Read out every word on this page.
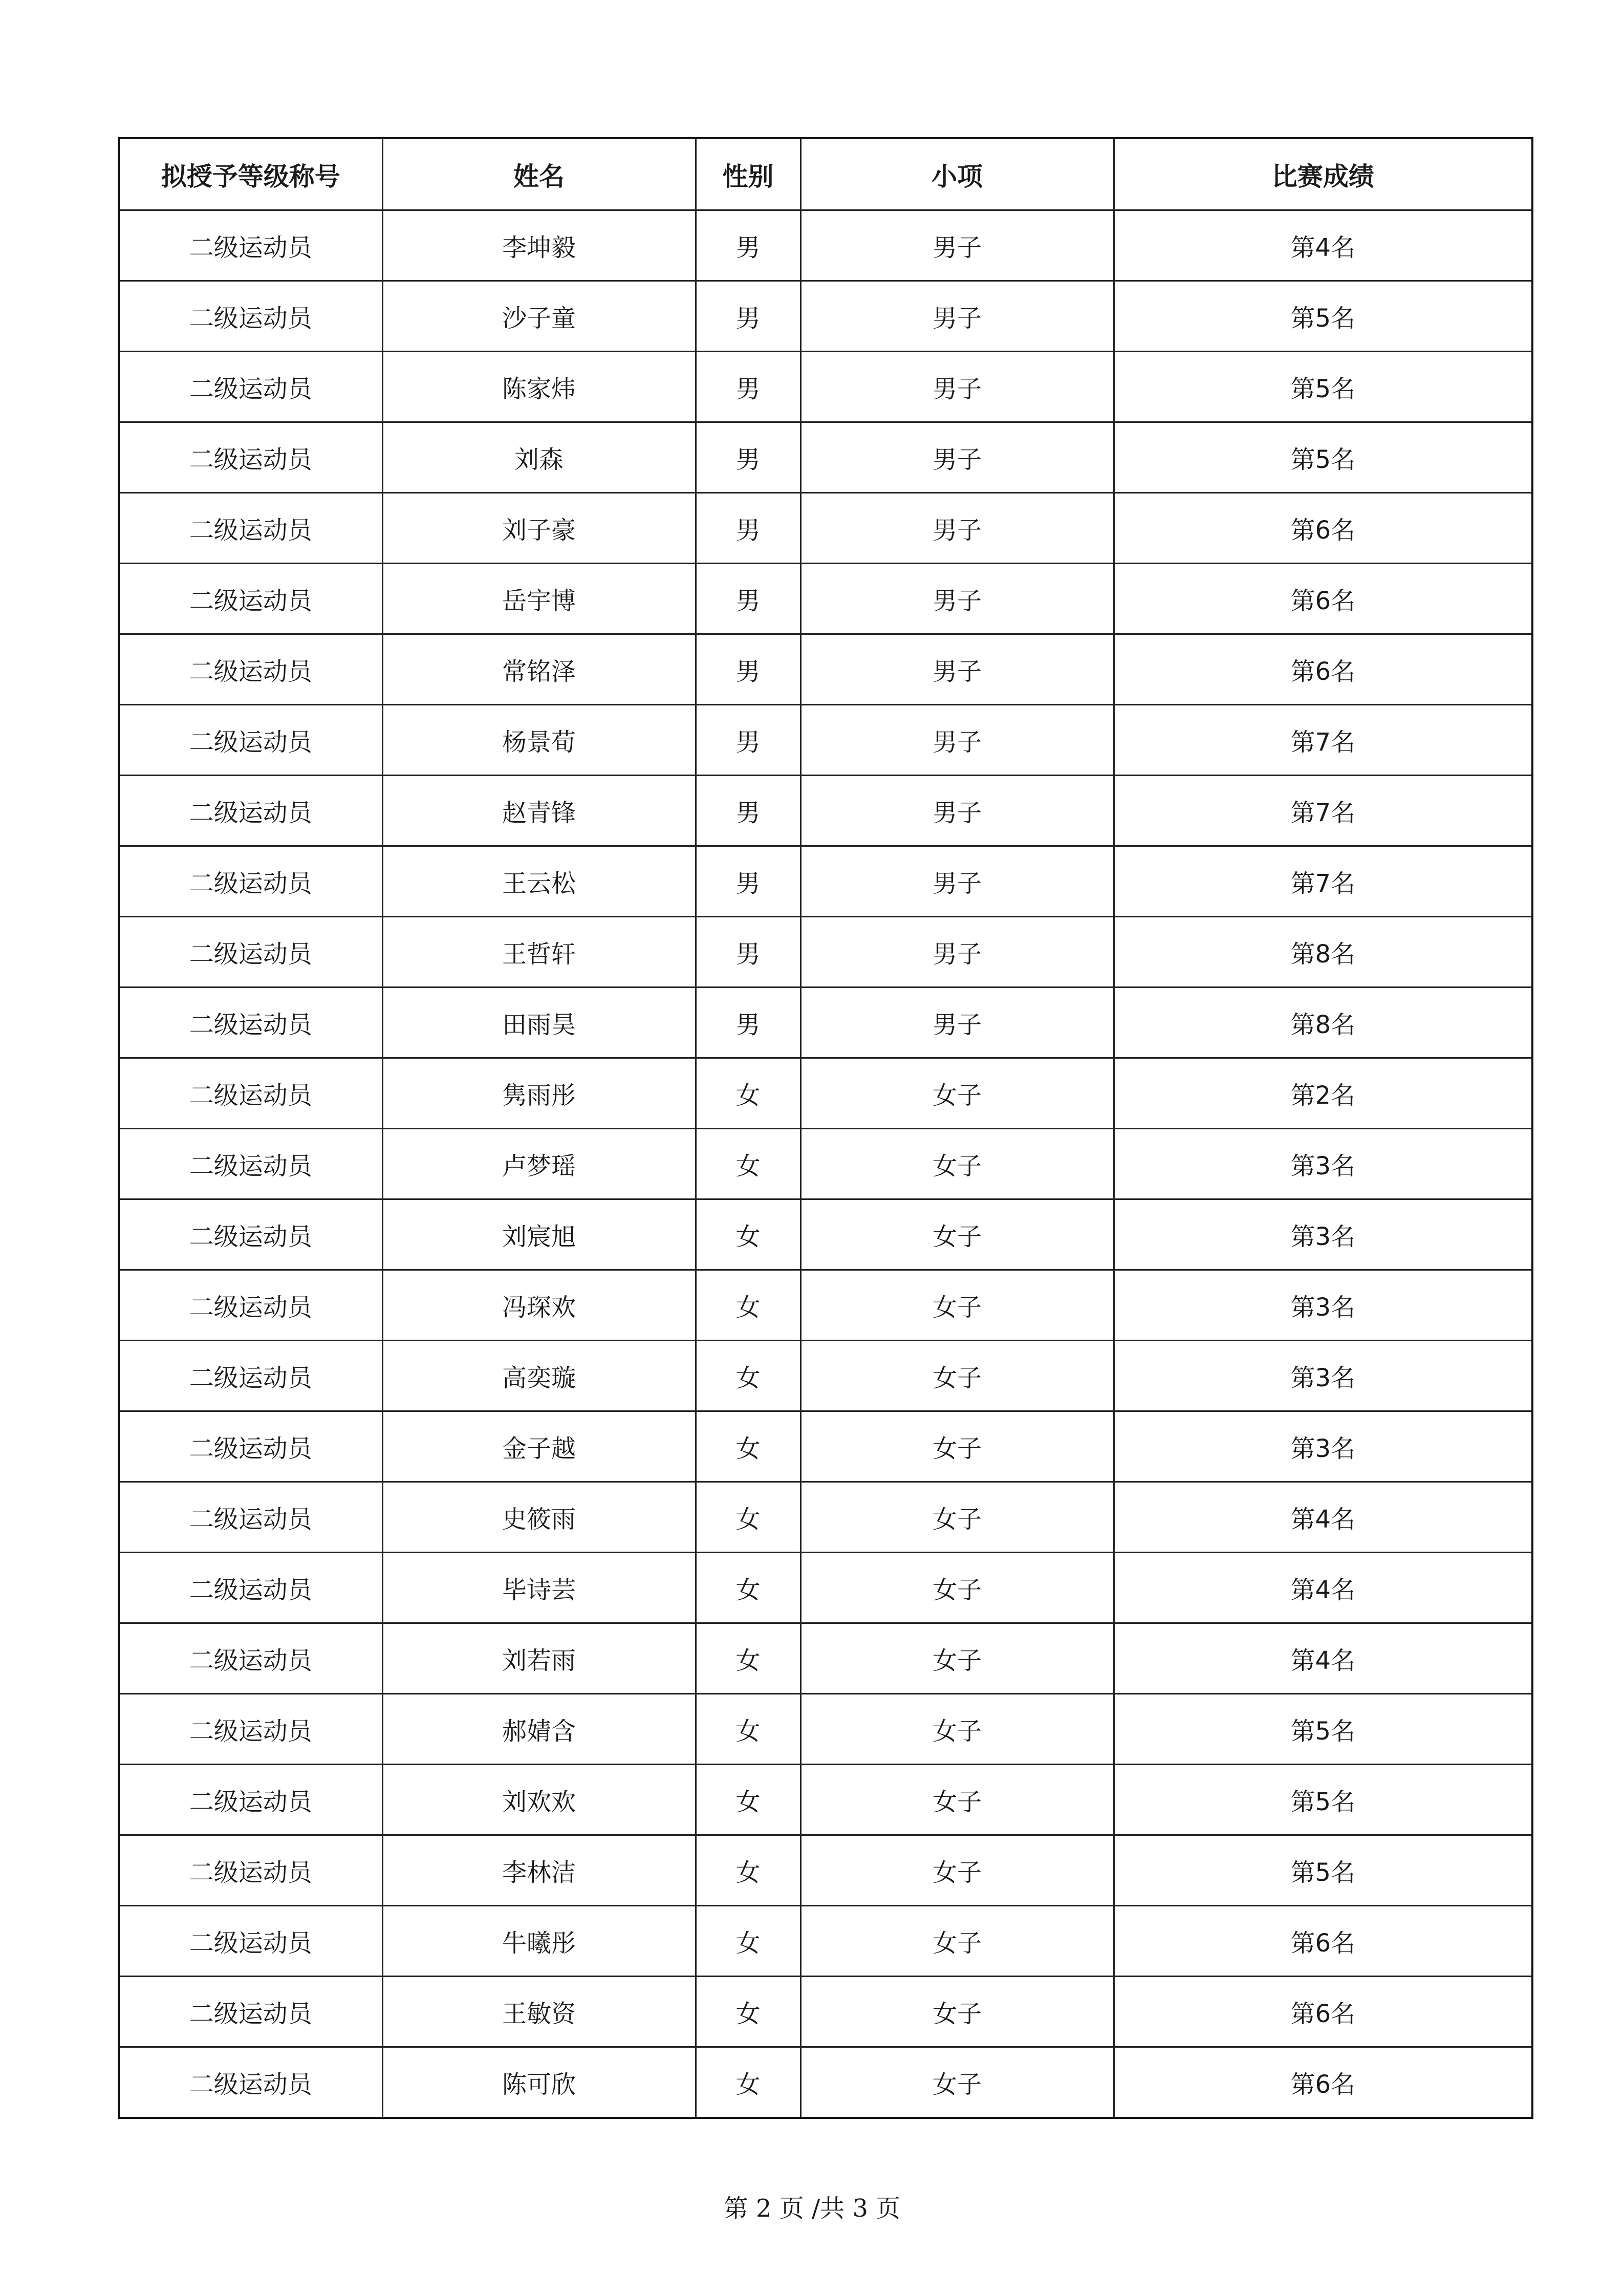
拟授予等级称号	姓名	性别	小项	比赛成绩
二级运动员	李坤毅	男	男子	第4名
二级运动员	沙子童	男	男子	第5名
二级运动员	陈家炜	男	男子	第5名
二级运动员	刘森	男	男子	第5名
二级运动员	刘子豪	男	男子	第6名
二级运动员	岳宇博	男	男子	第6名
二级运动员	常铭泽	男	男子	第6名
二级运动员	杨景荀	男	男子	第7名
二级运动员	赵青锋	男	男子	第7名
二级运动员	王云松	男	男子	第7名
二级运动员	王哲轩	男	男子	第8名
二级运动员	田雨昊	男	男子	第8名
二级运动员	隽雨彤	女	女子	第2名
二级运动员	卢梦瑶	女	女子	第3名
二级运动员	刘宸旭	女	女子	第3名
二级运动员	冯琛欢	女	女子	第3名
二级运动员	高奕璇	女	女子	第3名
二级运动员	金子越	女	女子	第3名
二级运动员	史筱雨	女	女子	第4名
二级运动员	毕诗芸	女	女子	第4名
二级运动员	刘若雨	女	女子	第4名
二级运动员	郝婧含	女	女子	第5名
二级运动员	刘欢欢	女	女子	第5名
二级运动员	李林洁	女	女子	第5名
二级运动员	牛曦彤	女	女子	第6名
二级运动员	王敏资	女	女子	第6名
二级运动员	陈可欣	女	女子	第6名
第 2 页 /共 3 页
